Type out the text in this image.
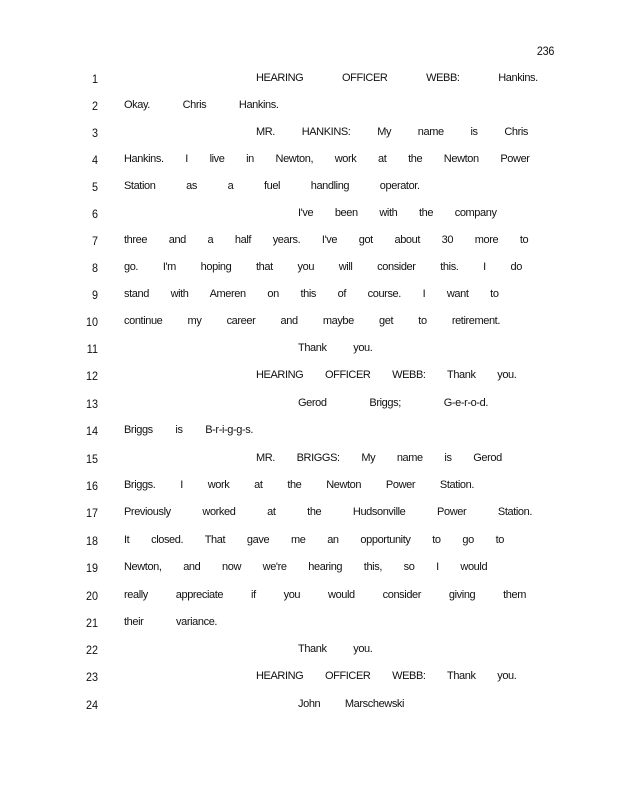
236
1	HEARING OFFICER WEBB: Hankins.
2 Okay. Chris Hankins.
3	MR. HANKINS: My name is Chris
4 Hankins. I live in Newton, work at the Newton Power
5 Station as a fuel handling operator.
6	I've been with the company
7 three and a half years. I've got about 30 more to
8 go. I'm hoping that you will consider this. I do
9 stand with Ameren on this of course. I want to
10 continue my career and maybe get to retirement.
11	Thank you.
12	HEARING OFFICER WEBB: Thank you.
13	Gerod Briggs; G-e-r-o-d.
14 Briggs is B-r-i-g-g-s.
15	MR. BRIGGS: My name is Gerod
16 Briggs. I work at the Newton Power Station.
17 Previously worked at the Hudsonville Power Station.
18 It closed. That gave me an opportunity to go to
19 Newton, and now we're hearing this, so I would
20 really appreciate if you would consider giving them
21 their variance.
22	Thank you.
23	HEARING OFFICER WEBB: Thank you.
24	John Marschewski
